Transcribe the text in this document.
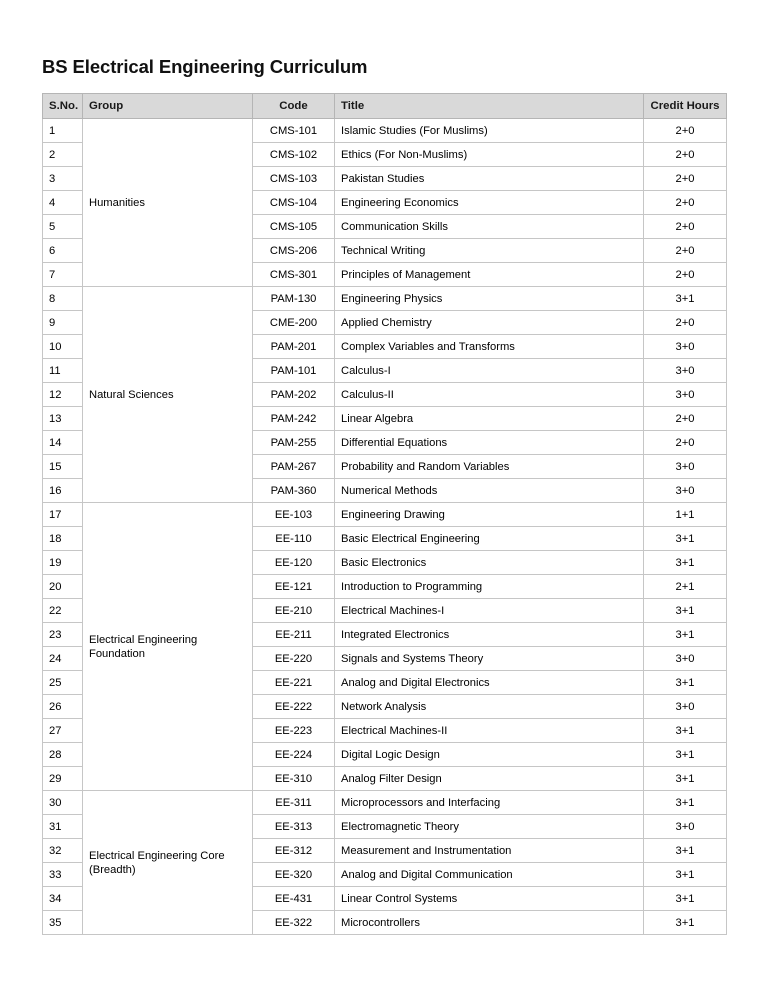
BS Electrical Engineering Curriculum
S.No.	Group	Code	Title	Credit Hours
1	Humanities	CMS-101	Islamic Studies (For Muslims)	2+0
2		CMS-102	Ethics (For Non-Muslims)	2+0
3		CMS-103	Pakistan Studies	2+0
4		CMS-104	Engineering Economics	2+0
5		CMS-105	Communication Skills	2+0
6		CMS-206	Technical Writing	2+0
7		CMS-301	Principles of Management	2+0
8	Natural Sciences	PAM-130	Engineering Physics	3+1
9		CME-200	Applied Chemistry	2+0
10		PAM-201	Complex Variables and Transforms	3+0
11		PAM-101	Calculus-I	3+0
12		PAM-202	Calculus-II	3+0
13		PAM-242	Linear Algebra	2+0
14		PAM-255	Differential Equations	2+0
15		PAM-267	Probability and Random Variables	3+0
16		PAM-360	Numerical Methods	3+0
17	Electrical Engineering Foundation	EE-103	Engineering Drawing	1+1
18		EE-110	Basic Electrical Engineering	3+1
19		EE-120	Basic Electronics	3+1
20		EE-121	Introduction to Programming	2+1
22		EE-210	Electrical Machines-I	3+1
23		EE-211	Integrated Electronics	3+1
24		EE-220	Signals and Systems Theory	3+0
25		EE-221	Analog and Digital Electronics	3+1
26		EE-222	Network Analysis	3+0
27		EE-223	Electrical Machines-II	3+1
28		EE-224	Digital Logic Design	3+1
29		EE-310	Analog Filter Design	3+1
30	Electrical Engineering Core (Breadth)	EE-311	Microprocessors and Interfacing	3+1
31		EE-313	Electromagnetic Theory	3+0
32		EE-312	Measurement and Instrumentation	3+1
33		EE-320	Analog and Digital Communication	3+1
34		EE-431	Linear Control Systems	3+1
35		EE-322	Microcontrollers	3+1
